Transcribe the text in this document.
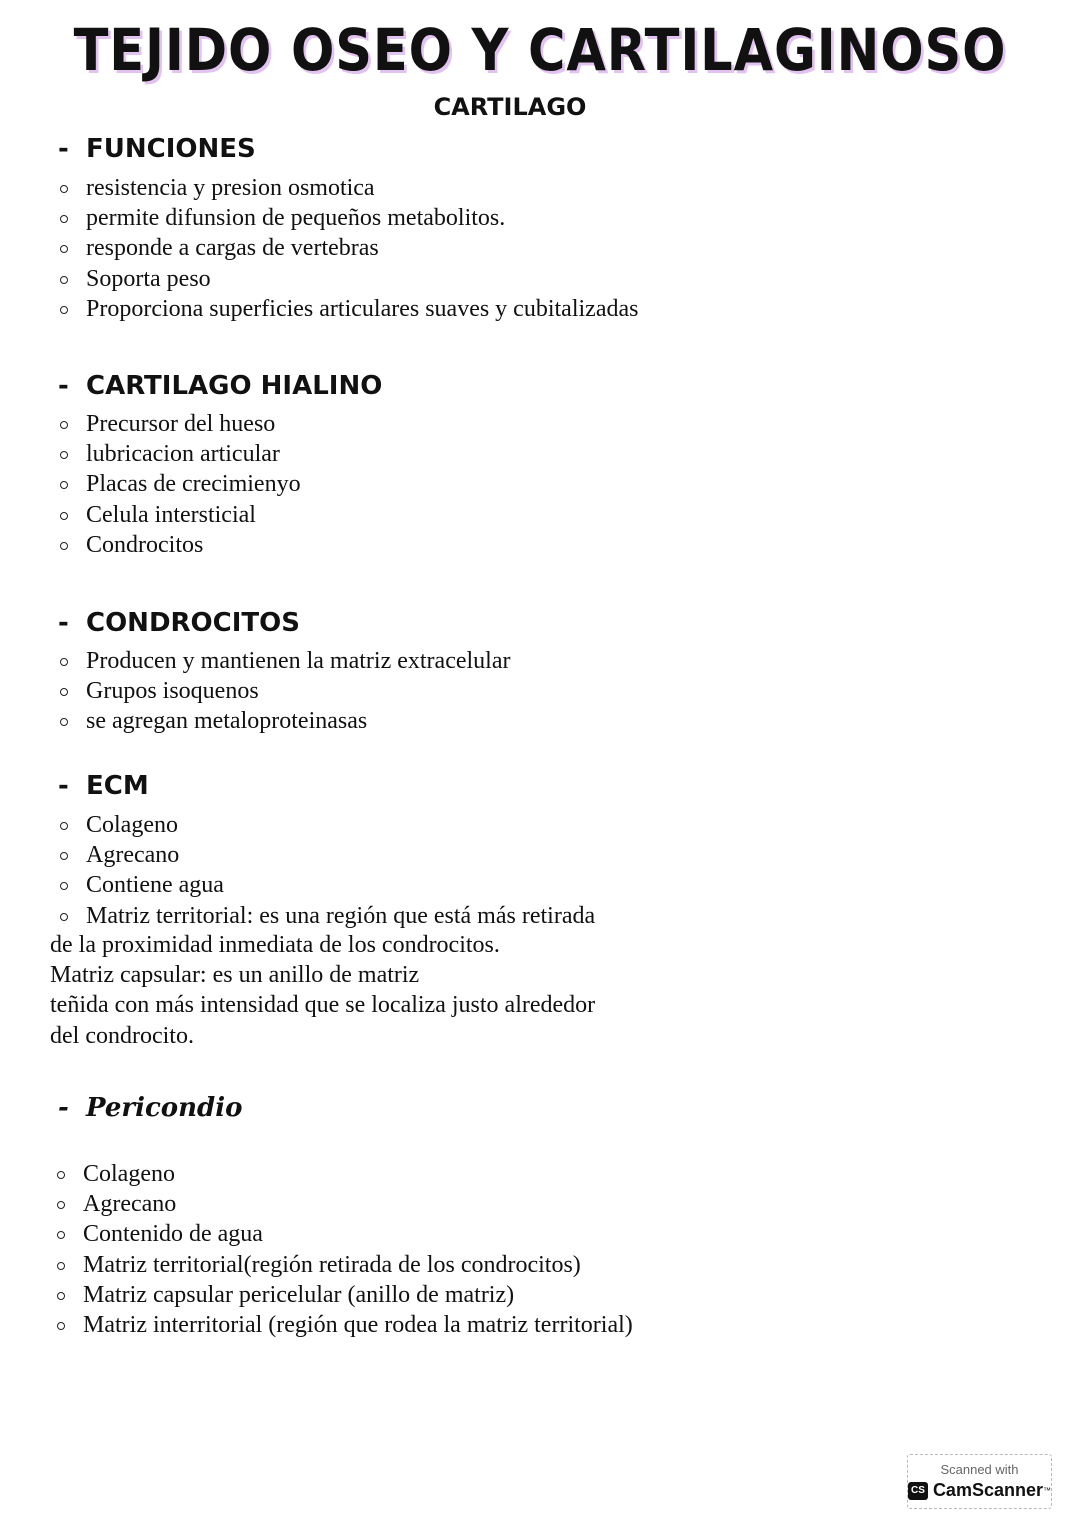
TEJIDO OSEO Y CARTILAGINOSO
CARTILAGO
- FUNCIONES
resistencia y presion osmotica
permite difunsion de pequeños metabolitos.
responde a cargas de vertebras
Soporta peso
Proporciona superficies articulares suaves y cubitalizadas
- CARTILAGO HIALINO
Precursor del hueso
lubricacion articular
Placas de crecimienyo
Celula intersticial
Condrocitos
- CONDROCITOS
Producen y mantienen la matriz extracelular
Grupos isoquenos
se agregan metaloproteinasas
- ECM
Colageno
Agrecano
Contiene agua
Matriz territorial: es una región que está más retirada
de la proximidad inmediata de los condrocitos.
Matriz capsular: es un anillo de matriz
teñida con más intensidad que se localiza justo alrededor
del condrocito.
- Pericondio
Colageno
Agrecano
Contenido de agua
Matriz territorial(región retirada de los condrocitos)
Matriz capsular pericelular (anillo de matriz)
Matriz interritorial (región que rodea la matriz territorial)
Scanned with
CS CamScanner ™
